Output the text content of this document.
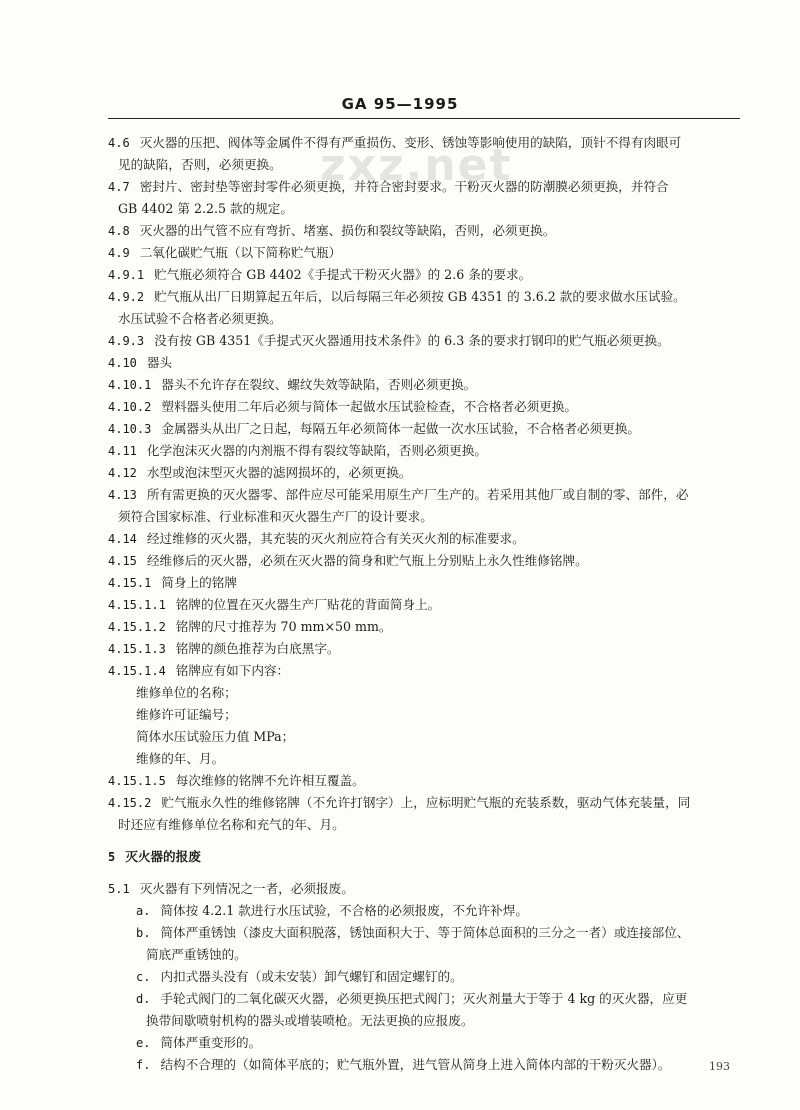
GA 95—1995
zxz.net
4.6 灭火器的压把、阀体等金属件不得有严重损伤、变形、锈蚀等影响使用的缺陷，顶针不得有肉眼可
见的缺陷，否则，必须更换。
4.7 密封片、密封垫等密封零件必须更换，并符合密封要求。干粉灭火器的防潮膜必须更换，并符合
GB 4402 第 2.2.5 款的规定。
4.8 灭火器的出气管不应有弯折、堵塞、损伤和裂纹等缺陷，否则，必须更换。
4.9 二氧化碳贮气瓶（以下简称贮气瓶）
4.9.1 贮气瓶必须符合 GB 4402《手提式干粉灭火器》的 2.6 条的要求。
4.9.2 贮气瓶从出厂日期算起五年后，以后每隔三年必须按 GB 4351 的 3.6.2 款的要求做水压试验。
水压试验不合格者必须更换。
4.9.3 没有按 GB 4351《手提式灭火器通用技术条件》的 6.3 条的要求打钢印的贮气瓶必须更换。
4.10 器头
4.10.1 器头不允许存在裂纹、螺纹失效等缺陷，否则必须更换。
4.10.2 塑料器头使用二年后必须与简体一起做水压试验检查，不合格者必须更换。
4.10.3 金属器头从出厂之日起，每隔五年必须简体一起做一次水压试验，不合格者必须更换。
4.11 化学泡沫灭火器的内剂瓶不得有裂纹等缺陷，否则必须更换。
4.12 水型或泡沫型灭火器的滤网损坏的，必须更换。
4.13 所有需更换的灭火器零、部件应尽可能采用原生产厂生产的。若采用其他厂或自制的零、部件，必
须符合国家标准、行业标准和灭火器生产厂的设计要求。
4.14 经过维修的灭火器，其充装的灭火剂应符合有关灭火剂的标准要求。
4.15 经维修后的灭火器，必须在灭火器的简身和贮气瓶上分别贴上永久性维修铭牌。
4.15.1 简身上的铭牌
4.15.1.1 铭牌的位置在灭火器生产厂贴花的背面简身上。
4.15.1.2 铭牌的尺寸推荐为 70 mm×50 mm。
4.15.1.3 铭牌的颜色推荐为白底黑字。
4.15.1.4 铭牌应有如下内容：
维修单位的名称；
维修许可证编号；
简体水压试验压力值 MPa；
维修的年、月。
4.15.1.5 每次维修的铭牌不允许相互覆盖。
4.15.2 贮气瓶永久性的维修铭牌（不允许打钢字）上，应标明贮气瓶的充装系数，驱动气体充装量，同
时还应有维修单位名称和充气的年、月。
5 灭火器的报废
5.1 灭火器有下列情况之一者，必须报废。
a. 简体按 4.2.1 款进行水压试验，不合格的必须报废，不允许补焊。
b. 简体严重锈蚀（漆皮大面积脱落，锈蚀面积大于、等于简体总面积的三分之一者）或连接部位、
简底严重锈蚀的。
c. 内扣式器头没有（或未安装）卸气螺钉和固定螺钉的。
d. 手轮式阀门的二氧化碳灭火器，必须更换压把式阀门；灭火剂量大于等于 4 kg 的灭火器，应更
换带间歇喷射机构的器头或增装喷枪。无法更换的应报废。
e. 简体严重变形的。
f. 结构不合理的（如简体平底的；贮气瓶外置，进气管从简身上进入简体内部的干粉灭火器）。	193
